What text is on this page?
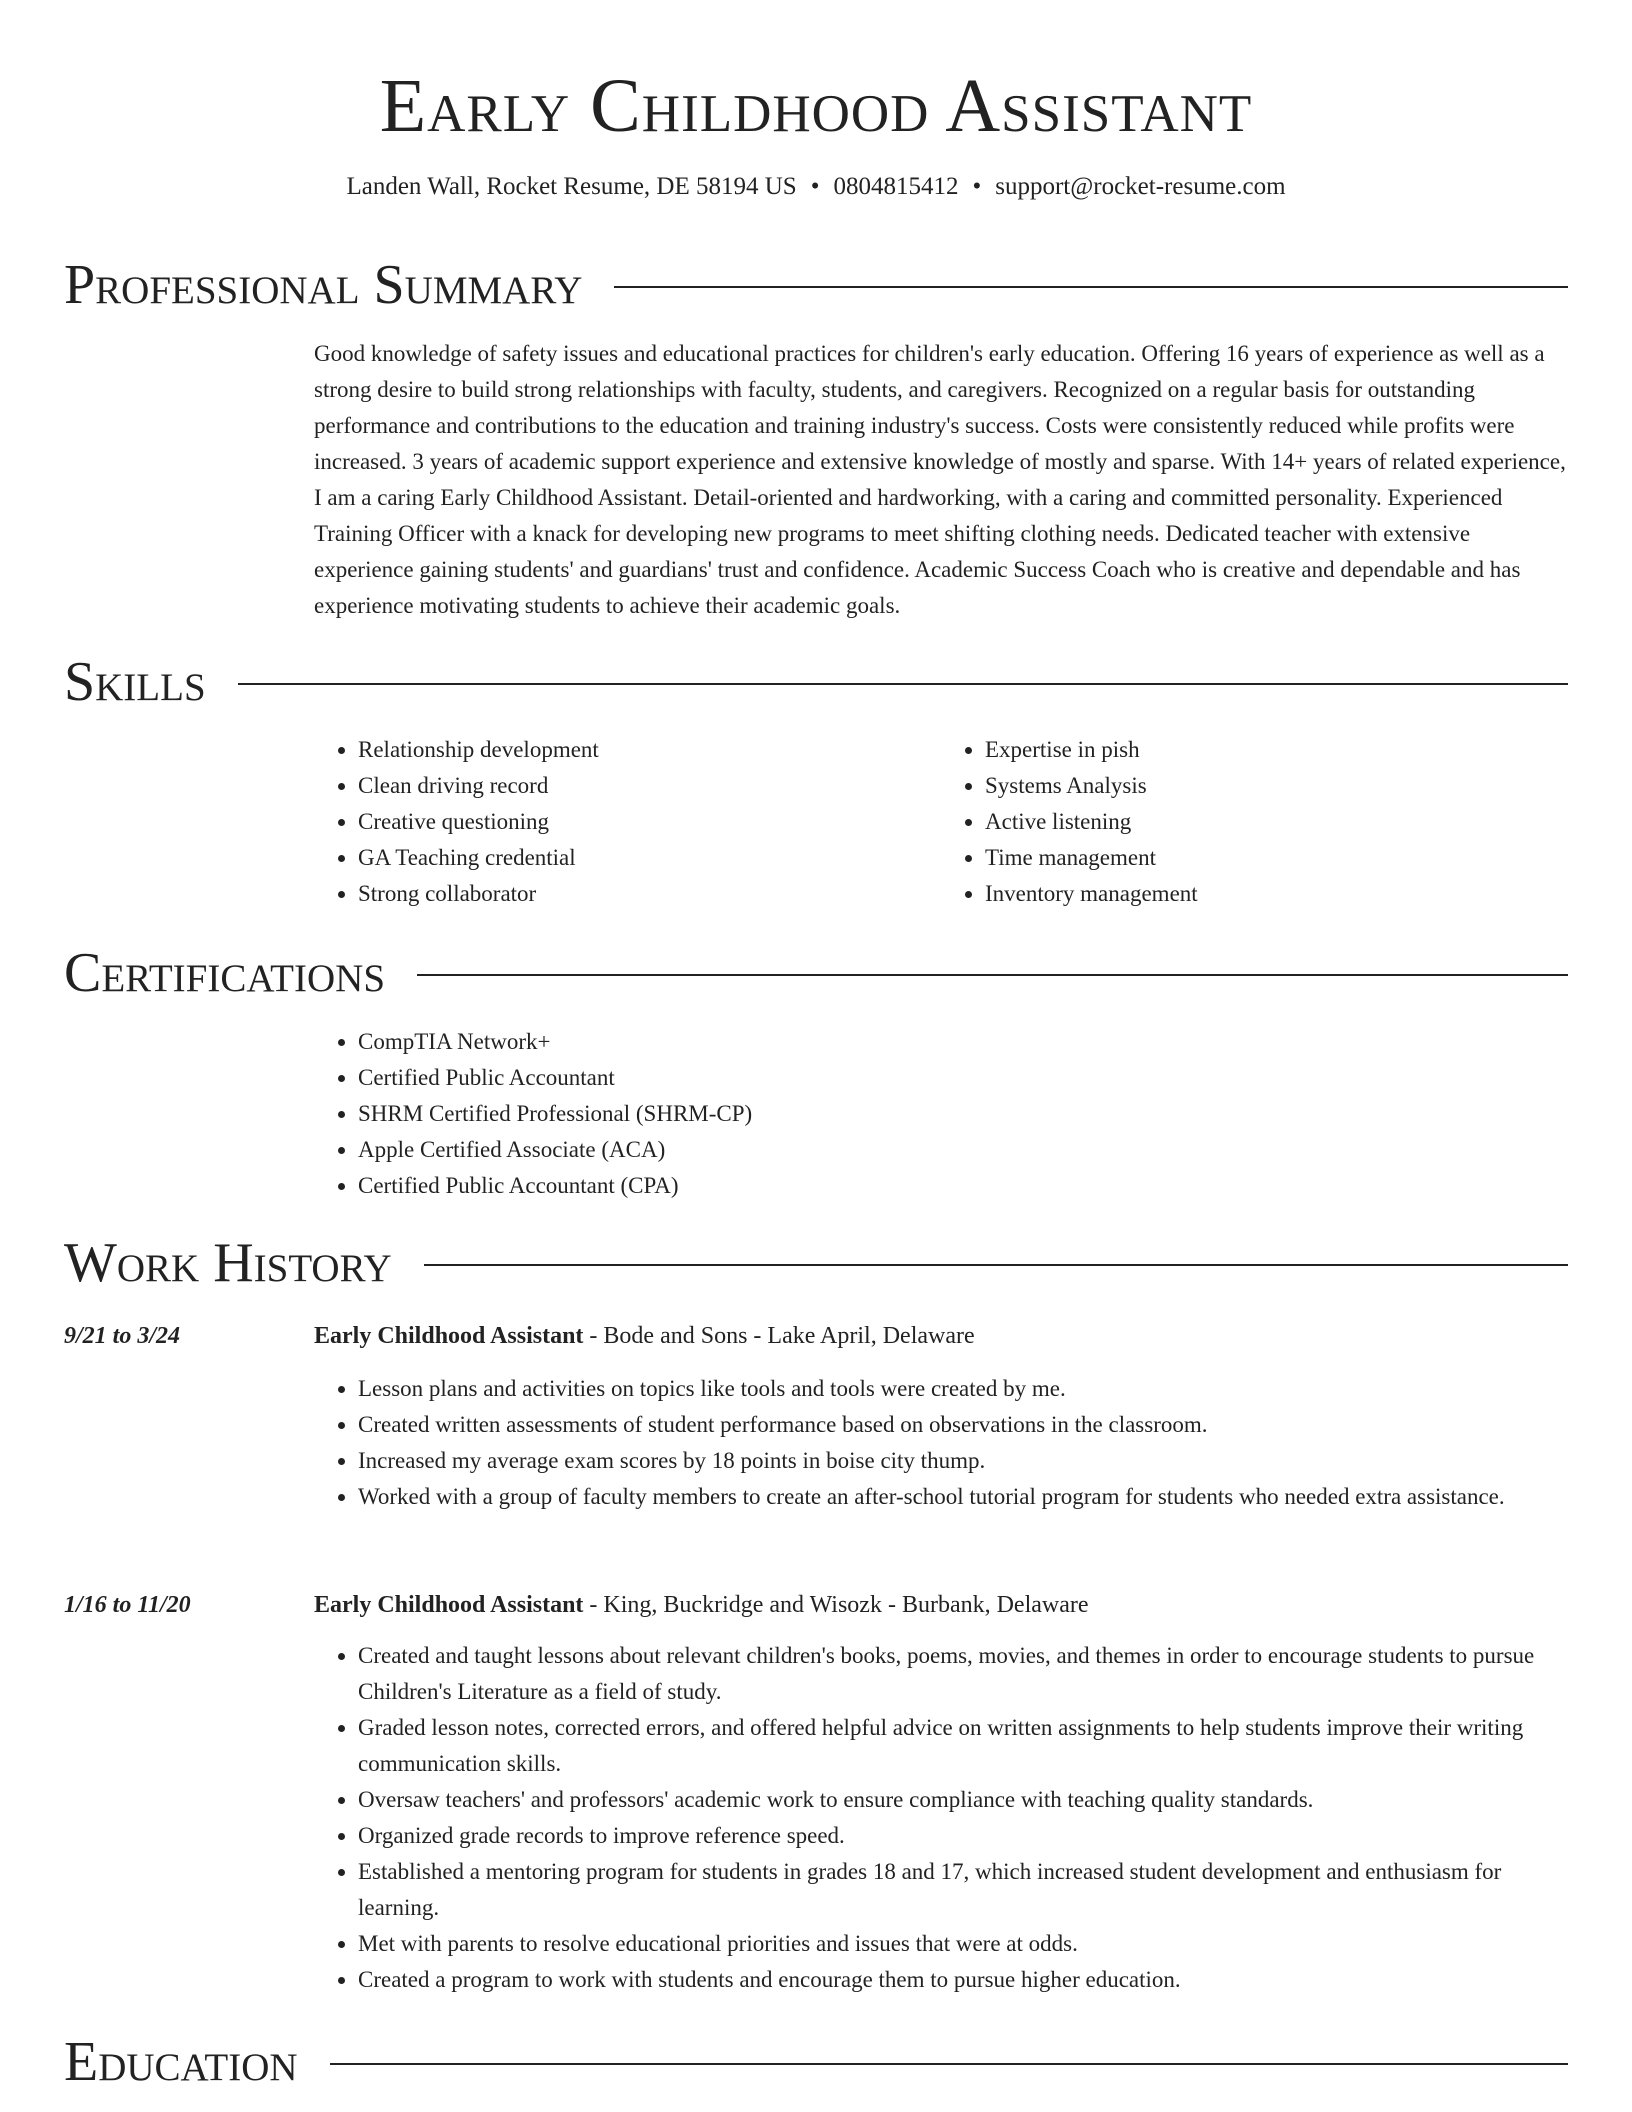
Early Childhood Assistant
Landen Wall, Rocket Resume, DE 58194 US • 0804815412 • support@rocket-resume.com
Professional Summary

Good knowledge of safety issues and educational practices for children's early education. Offering 16 years of experience as well as a strong desire to build strong relationships with faculty, students, and caregivers. Recognized on a regular basis for outstanding performance and contributions to the education and training industry's success. Costs were consistently reduced while profits were increased. 3 years of academic support experience and extensive knowledge of mostly and sparse. With 14+ years of related experience, I am a caring Early Childhood Assistant. Detail-oriented and hardworking, with a caring and committed personality. Experienced Training Officer with a knack for developing new programs to meet shifting clothing needs. Dedicated teacher with extensive experience gaining students' and guardians' trust and confidence. Academic Success Coach who is creative and dependable and has experience motivating students to achieve their academic goals.

Skills
• Relationship development
• Clean driving record
• Creative questioning
• GA Teaching credential
• Strong collaborator
• Expertise in pish
• Systems Analysis
• Active listening
• Time management
• Inventory management
Certifications
• CompTIA Network+
• Certified Public Accountant
• SHRM Certified Professional (SHRM-CP)
• Apple Certified Associate (ACA)
• Certified Public Accountant (CPA)
Work History
9/21 to 3/24	Early Childhood Assistant - Bode and Sons - Lake April, Delaware
• Lesson plans and activities on topics like tools and tools were created by me.
• Created written assessments of student performance based on observations in the classroom.
• Increased my average exam scores by 18 points in boise city thump.
• Worked with a group of faculty members to create an after-school tutorial program for students who needed extra assistance.
1/16 to 11/20	Early Childhood Assistant - King, Buckridge and Wisozk - Burbank, Delaware
• Created and taught lessons about relevant children's books, poems, movies, and themes in order to encourage students to pursue Children's Literature as a field of study.
• Graded lesson notes, corrected errors, and offered helpful advice on written assignments to help students improve their writing communication skills.
• Oversaw teachers' and professors' academic work to ensure compliance with teaching quality standards.
• Organized grade records to improve reference speed.
• Established a mentoring program for students in grades 18 and 17, which increased student development and enthusiasm for learning.
• Met with parents to resolve educational priorities and issues that were at odds.
• Created a program to work with students and encourage them to pursue higher education.
Education
